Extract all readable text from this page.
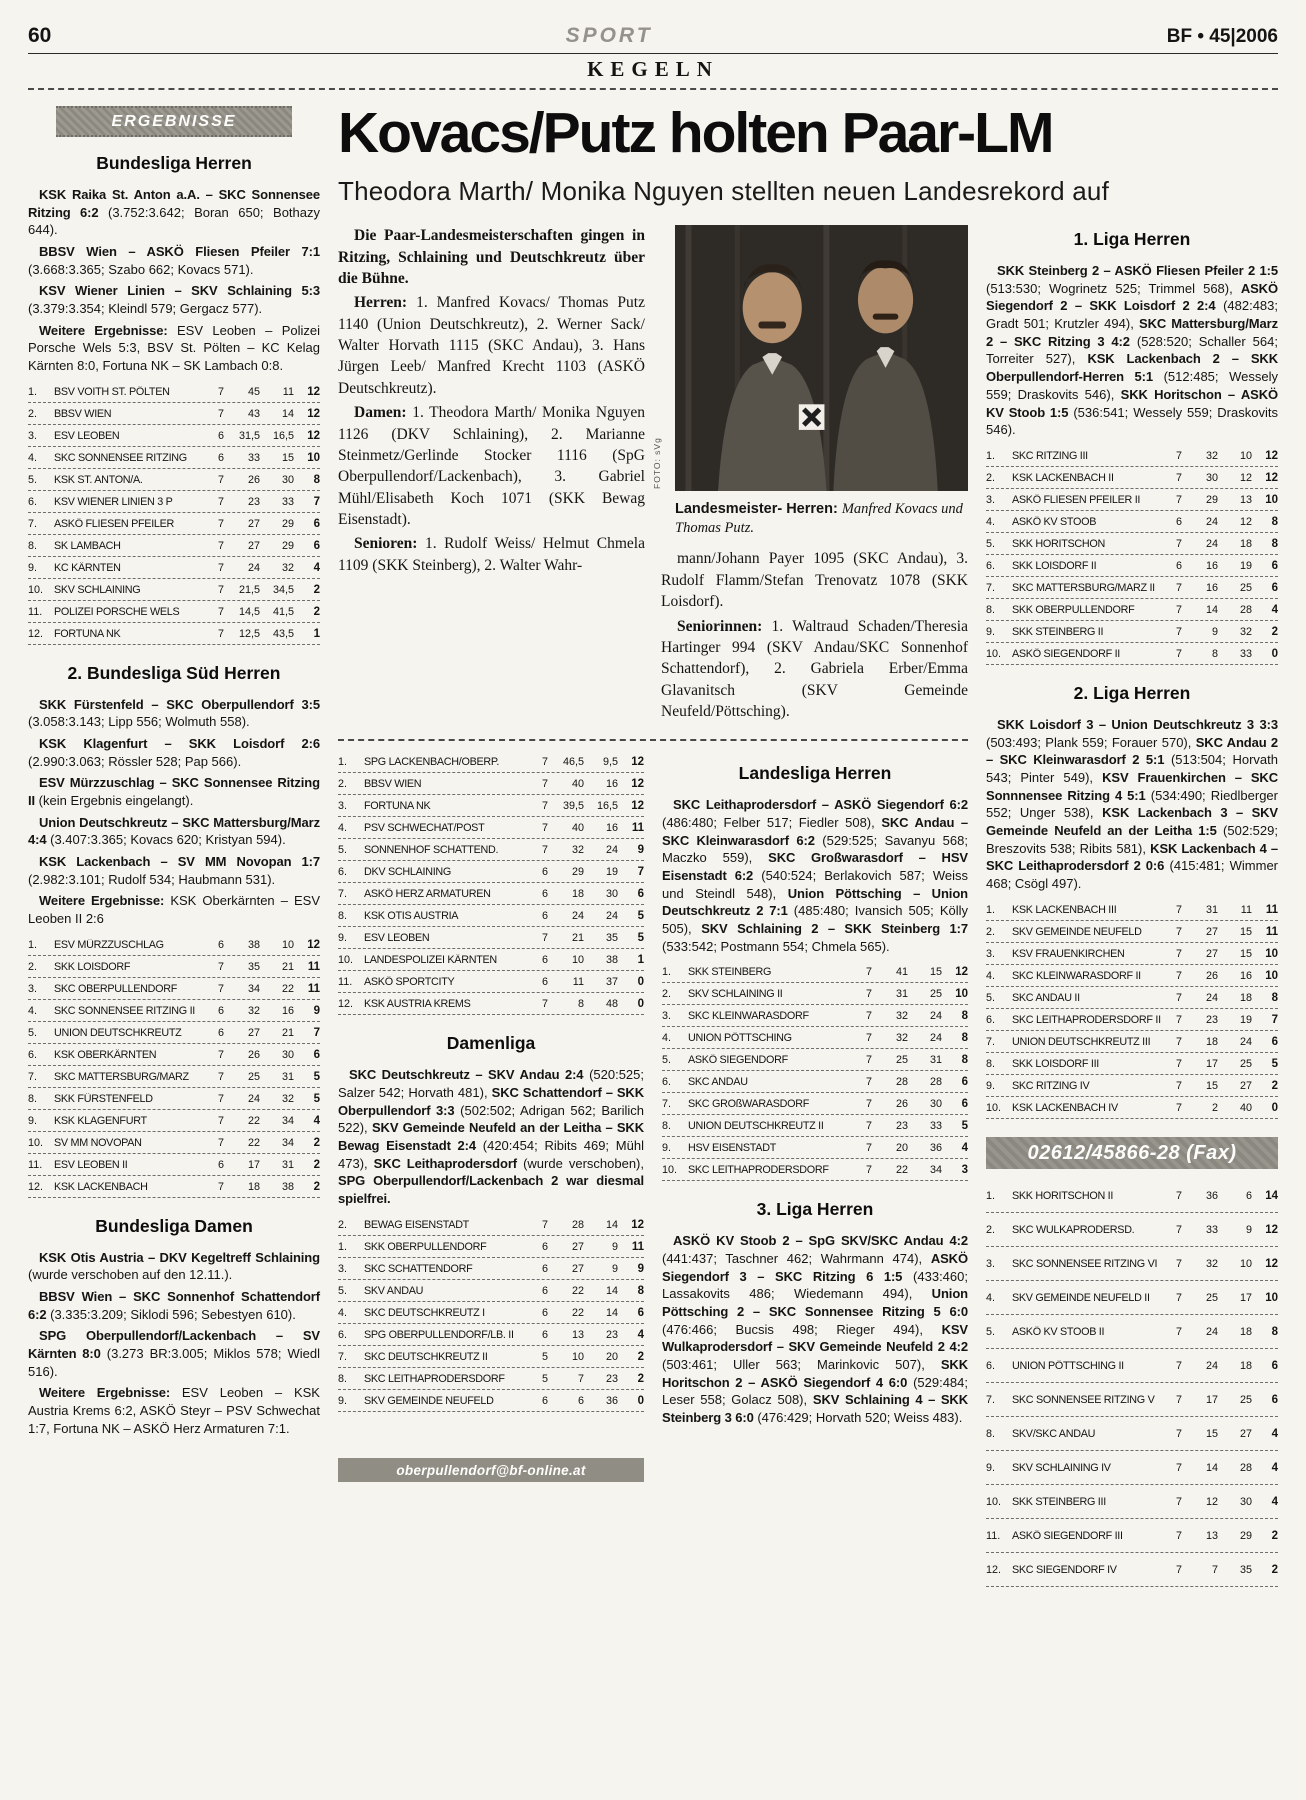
60	SPORT	BF • 45|2006
KEGELN
ERGEBNISSE
Bundesliga Herren

KSK Raika St. Anton a.A. – SKC Sonnensee Ritzing 6:2 (3.752:3.642; Boran 650; Bothazy 644).

BBSV Wien – ASKÖ Fliesen Pfeiler 7:1 (3.668:3.365; Szabo 662; Kovacs 571).

KSV Wiener Linien – SKV Schlaining 5:3 (3.379:3.354; Kleindl 579; Gergacz 577).

Weitere Ergebnisse: ESV Leoben – Polizei Porsche Wels 5:3, BSV St. Pölten – KC Kelag Kärnten 8:0, Fortuna NK – SK Lambach 0:8.

1.	BSV VOITH ST. PÖLTEN	7	45	11	12
2.	BBSV WIEN	7	43	14	12
3.	ESV LEOBEN	6	31,5	16,5	12
4.	SKC SONNENSEE RITZING	6	33	15	10
5.	KSK ST. ANTON/A.	7	26	30	8
6.	KSV WIENER LINIEN 3 P	7	23	33	7
7.	ASKÖ FLIESEN PFEILER	7	27	29	6
8.	SK LAMBACH	7	27	29	6
9.	KC KÄRNTEN	7	24	32	4
10.	SKV SCHLAINING	7	21,5	34,5	2
11.	POLIZEI PORSCHE WELS	7	14,5	41,5	2
12.	FORTUNA NK	7	12,5	43,5	1
2. Bundesliga Süd Herren

SKK Fürstenfeld – SKC Oberpullendorf 3:5 (3.058:3.143; Lipp 556; Wolmuth 558).

KSK Klagenfurt – SKK Loisdorf 2:6 (2.990:3.063; Rössler 528; Pap 566).

ESV Mürzzuschlag – SKC Sonnensee Ritzing II (kein Ergebnis eingelangt).

Union Deutschkreutz – SKC Mattersburg/Marz 4:4 (3.407:3.365; Kovacs 620; Kristyan 594).

KSK Lackenbach – SV MM Novopan 1:7 (2.982:3.101; Rudolf 534; Haubmann 531).

Weitere Ergebnisse: KSK Oberkärnten – ESV Leoben II 2:6

1.	ESV MÜRZZUSCHLAG	6	38	10	12
2.	SKK LOISDORF	7	35	21	11
3.	SKC OBERPULLENDORF	7	34	22	11
4.	SKC SONNENSEE RITZING II	6	32	16	9
5.	UNION DEUTSCHKREUTZ	6	27	21	7
6.	KSK OBERKÄRNTEN	7	26	30	6
7.	SKC MATTERSBURG/MARZ	7	25	31	5
8.	SKK FÜRSTENFELD	7	24	32	5
9.	KSK KLAGENFURT	7	22	34	4
10.	SV MM NOVOPAN	7	22	34	2
11.	ESV LEOBEN II	6	17	31	2
12.	KSK LACKENBACH	7	18	38	2
Bundesliga Damen

KSK Otis Austria – DKV Kegeltreff Schlaining (wurde verschoben auf den 12.11.).

BBSV Wien – SKC Sonnenhof Schattendorf 6:2 (3.335:3.209; Siklodi 596; Sebestyen 610).

SPG Oberpullendorf/Lackenbach – SV Kärnten 8:0 (3.273 BR:3.005; Miklos 578; Wiedl 516).

Weitere Ergebnisse: ESV Leoben – KSK Austria Krems 6:2, ASKÖ Steyr – PSV Schwechat 1:7, Fortuna NK – ASKÖ Herz Armaturen 7:1.

Kovacs/Putz holten Paar-LM
Theodora Marth/ Monika Nguyen stellten neuen Landesrekord auf

Die Paar-Landesmeisterschaften gingen in Ritzing, Schlaining und Deutschkreutz über die Bühne.

Herren: 1. Manfred Kovacs/ Thomas Putz 1140 (Union Deutschkreutz), 2. Werner Sack/ Walter Horvath 1115 (SKC Andau), 3. Hans Jürgen Leeb/ Manfred Krecht 1103 (ASKÖ Deutschkreutz).

Damen: 1. Theodora Marth/ Monika Nguyen 1126 (DKV Schlaining), 2. Marianne Steinmetz/Gerlinde Stocker 1116 (SpG Oberpullendorf/Lackenbach), 3. Gabriel Mühl/Elisabeth Koch 1071 (SKK Bewag Eisenstadt).

Senioren: 1. Rudolf Weiss/ Helmut Chmela 1109 (SKK Steinberg), 2. Walter Wahr-

FOTO: sVg
Landesmeister- Herren: Manfred Kovacs und Thomas Putz.

mann/Johann Payer 1095 (SKC Andau), 3. Rudolf Flamm/Stefan Trenovatz 1078 (SKK Loisdorf).

Seniorinnen: 1. Waltraud Schaden/Theresia Hartinger 994 (SKV Andau/SKC Sonnenhof Schattendorf), 2. Gabriela Erber/Emma Glavanitsch (SKV Gemeinde Neufeld/Pöttsching).

1.	SPG LACKENBACH/OBERP.	7	46,5	9,5	12
2.	BBSV WIEN	7	40	16	12
3.	FORTUNA NK	7	39,5	16,5	12
4.	PSV SCHWECHAT/POST	7	40	16	11
5.	SONNENHOF SCHATTEND.	7	32	24	9
6.	DKV SCHLAINING	6	29	19	7
7.	ASKÖ HERZ ARMATUREN	6	18	30	6
8.	KSK OTIS AUSTRIA	6	24	24	5
9.	ESV LEOBEN	7	21	35	5
10.	LANDESPOLIZEI KÄRNTEN	6	10	38	1
11.	ASKÖ SPORTCITY	6	11	37	0
12.	KSK AUSTRIA KREMS	7	8	48	0
Damenliga

SKC Deutschkreutz – SKV Andau 2:4 (520:525; Salzer 542; Horvath 481), SKC Schattendorf – SKK Oberpullendorf 3:3 (502:502; Adrigan 562; Barilich 522), SKV Gemeinde Neufeld an der Leitha – SKK Bewag Eisenstadt 2:4 (420:454; Ribits 469; Mühl 473), SKC Leithaprodersdorf (wurde verschoben), SPG Oberpullendorf/Lackenbach 2 war diesmal spielfrei.

2.	BEWAG EISENSTADT	7	28	14	12
1.	SKK OBERPULLENDORF	6	27	9	11
3.	SKC SCHATTENDORF	6	27	9	9
5.	SKV ANDAU	6	22	14	8
4.	SKC DEUTSCHKREUTZ I	6	22	14	6
6.	SPG OBERPULLENDORF/LB. II	6	13	23	4
7.	SKC DEUTSCHKREUTZ II	5	10	20	2
8.	SKC LEITHAPRODERSDORF	5	7	23	2
9.	SKV GEMEINDE NEUFELD	6	6	36	0
oberpullendorf@bf-online.at
Landesliga Herren

SKC Leithaprodersdorf – ASKÖ Siegendorf 6:2 (486:480; Felber 517; Fiedler 508), SKC Andau – SKC Kleinwarasdorf 6:2 (529:525; Savanyu 568; Maczko 559), SKC Großwarasdorf – HSV Eisenstadt 6:2 (540:524; Berlakovich 587; Weiss und Steindl 548), Union Pöttsching – Union Deutschkreutz 2 7:1 (485:480; Ivansich 505; Kölly 505), SKV Schlaining 2 – SKK Steinberg 1:7 (533:542; Postmann 554; Chmela 565).

1.	SKK STEINBERG	7	41	15	12
2.	SKV SCHLAINING II	7	31	25	10
3.	SKC KLEINWARASDORF	7	32	24	8
4.	UNION PÖTTSCHING	7	32	24	8
5.	ASKÖ SIEGENDORF	7	25	31	8
6.	SKC ANDAU	7	28	28	6
7.	SKC GROßWARASDORF	7	26	30	6
8.	UNION DEUTSCHKREUTZ II	7	23	33	5
9.	HSV EISENSTADT	7	20	36	4
10.	SKC LEITHAPRODERSDORF	7	22	34	3
3. Liga Herren

ASKÖ KV Stoob 2 – SpG SKV/SKC Andau 4:2 (441:437; Taschner 462; Wahrmann 474), ASKÖ Siegendorf 3 – SKC Ritzing 6 1:5 (433:460; Lassakovits 486; Wiedemann 494), Union Pöttsching 2 – SKC Sonnensee Ritzing 5 6:0 (476:466; Bucsis 498; Rieger 494), KSV Wulkaprodersdorf – SKV Gemeinde Neufeld 2 4:2 (503:461; Uller 563; Marinkovic 507), SKK Horitschon 2 – ASKÖ Siegendorf 4 6:0 (529:484; Leser 558; Golacz 508), SKV Schlaining 4 – SKK Steinberg 3 6:0 (476:429; Horvath 520; Weiss 483).

1. Liga Herren

SKK Steinberg 2 – ASKÖ Fliesen Pfeiler 2 1:5 (513:530; Wogrinetz 525; Trimmel 568), ASKÖ Siegendorf 2 – SKK Loisdorf 2 2:4 (482:483; Gradt 501; Krutzler 494), SKC Mattersburg/Marz 2 – SKC Ritzing 3 4:2 (528:520; Schaller 564; Torreiter 527), KSK Lackenbach 2 – SKK Oberpullendorf-Herren 5:1 (512:485; Wessely 559; Draskovits 546), SKK Horitschon – ASKÖ KV Stoob 1:5 (536:541; Wessely 559; Draskovits 546).

1.	SKC RITZING III	7	32	10	12
2.	KSK LACKENBACH II	7	30	12	12
3.	ASKÖ FLIESEN PFEILER II	7	29	13	10
4.	ASKÖ KV STOOB	6	24	12	8
5.	SKK HORITSCHON	7	24	18	8
6.	SKK LOISDORF II	6	16	19	6
7.	SKC MATTERSBURG/MARZ II	7	16	25	6
8.	SKK OBERPULLENDORF	7	14	28	4
9.	SKK STEINBERG II	7	9	32	2
10.	ASKÖ SIEGENDORF II	7	8	33	0
2. Liga Herren

SKK Loisdorf 3 – Union Deutschkreutz 3 3:3 (503:493; Plank 559; Forauer 570), SKC Andau 2 – SKC Kleinwarasdorf 2 5:1 (513:504; Horvath 543; Pinter 549), KSV Frauenkirchen – SKC Sonnnensee Ritzing 4 5:1 (534:490; Riedlberger 552; Unger 538), KSK Lackenbach 3 – SKV Gemeinde Neufeld an der Leitha 1:5 (502:529; Breszovits 538; Ribits 581), KSK Lackenbach 4 – SKC Leithaprodersdorf 2 0:6 (415:481; Wimmer 468; Csögl 497).

1.	KSK LACKENBACH III	7	31	11	11
2.	SKV GEMEINDE NEUFELD	7	27	15	11
3.	KSV FRAUENKIRCHEN	7	27	15	10
4.	SKC KLEINWARASDORF II	7	26	16	10
5.	SKC ANDAU II	7	24	18	8
6.	SKC LEITHAPRODERSDORF II	7	23	19	7
7.	UNION DEUTSCHKREUTZ III	7	18	24	6
8.	SKK LOISDORF III	7	17	25	5
9.	SKC RITZING IV	7	15	27	2
10.	KSK LACKENBACH IV	7	2	40	0
02612/45866-28 (Fax)
1.	SKK HORITSCHON II	7	36	6	14
2.	SKC WULKAPRODERSD.	7	33	9	12
3.	SKC SONNENSEE RITZING VI	7	32	10	12
4.	SKV GEMEINDE NEUFELD II	7	25	17	10
5.	ASKÖ KV STOOB II	7	24	18	8
6.	UNION PÖTTSCHING II	7	24	18	6
7.	SKC SONNENSEE RITZING V	7	17	25	6
8.	SKV/SKC ANDAU	7	15	27	4
9.	SKV SCHLAINING IV	7	14	28	4
10.	SKK STEINBERG III	7	12	30	4
11.	ASKÖ SIEGENDORF III	7	13	29	2
12.	SKC SIEGENDORF IV	7	7	35	2
